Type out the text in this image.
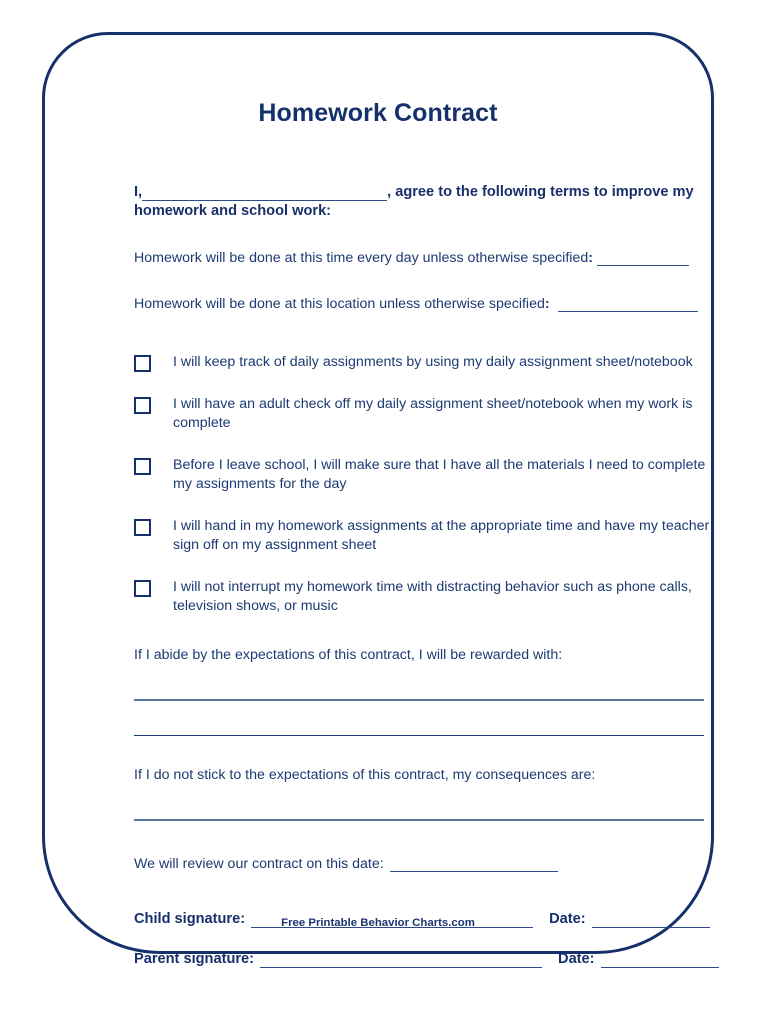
Homework Contract

I,	, agree to the following terms to improve my homework and school work:

Homework will be done at this time every day unless otherwise specified:
Homework will be done at this location unless otherwise specified:
I will keep track of daily assignments by using my daily assignment sheet/notebook
I will have an adult check off my daily assignment sheet/notebook when my work is complete
Before I leave school, I will make sure that I have all the materials I need to complete my assignments for the day
I will hand in my homework assignments at the appropriate time and have my teacher sign off on my assignment sheet
I will not interrupt my homework time with distracting behavior such as phone calls, television shows, or music
If I abide by the expectations of this contract, I will be rewarded with:
If I do not stick to the expectations of this contract, my consequences are:
We will review our contract on this date:
Child signature:
	Date:

Parent signature:
	Date:

Free Printable Behavior Charts.com
